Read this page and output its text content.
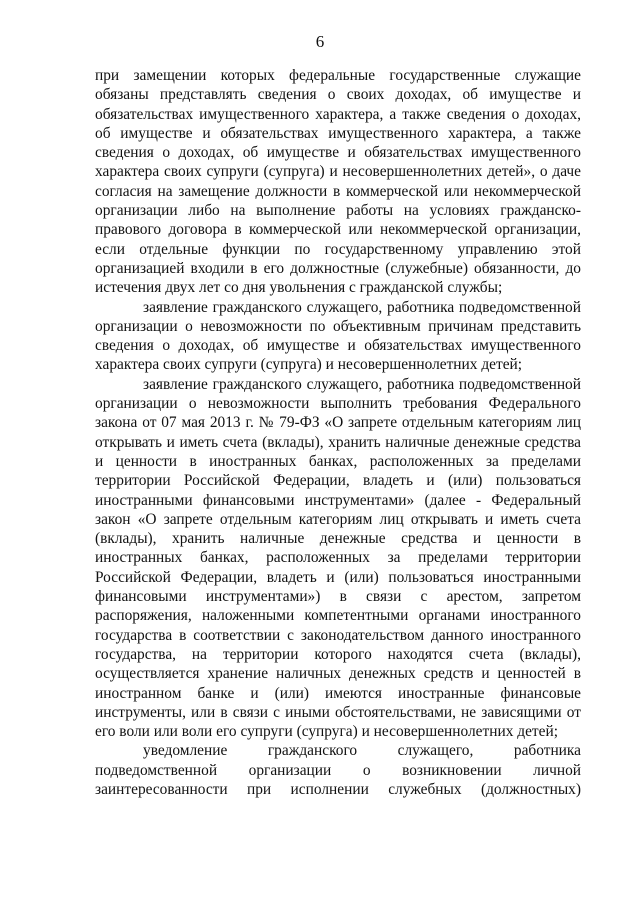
6

при замещении которых федеральные государственные служащие обязаны представлять сведения о своих доходах, об имуществе и обязательствах имущественного характера, а также сведения о доходах, об имуществе и обязательствах имущественного характера, а также сведения о доходах, об имуществе и обязательствах имущественного характера своих супруги (супруга) и несовершеннолетних детей», о даче согласия на замещение должности в коммерческой или некоммерческой организации либо на выполнение работы на условиях гражданско-правового договора в коммерческой или некоммерческой организации, если отдельные функции по государственному управлению этой организацией входили в его должностные (служебные) обязанности, до истечения двух лет со дня увольнения с гражданской службы;

заявление гражданского служащего, работника подведомственной организации о невозможности по объективным причинам представить сведения о доходах, об имуществе и обязательствах имущественного характера своих супруги (супруга) и несовершеннолетних детей;

заявление гражданского служащего, работника подведомственной организации о невозможности выполнить требования Федерального закона от 07 мая 2013 г. № 79-ФЗ «О запрете отдельным категориям лиц открывать и иметь счета (вклады), хранить наличные денежные средства и ценности в иностранных банках, расположенных за пределами территории Российской Федерации, владеть и (или) пользоваться иностранными финансовыми инструментами» (далее - Федеральный закон «О запрете отдельным категориям лиц открывать и иметь счета (вклады), хранить наличные денежные средства и ценности в иностранных банках, расположенных за пределами территории Российской Федерации, владеть и (или) пользоваться иностранными финансовыми инструментами») в связи с арестом, запретом распоряжения, наложенными компетентными органами иностранного государства в соответствии с законодательством данного иностранного государства, на территории которого находятся счета (вклады), осуществляется хранение наличных денежных средств и ценностей в иностранном банке и (или) имеются иностранные финансовые инструменты, или в связи с иными обстоятельствами, не зависящими от его воли или воли его супруги (супруга) и несовершеннолетних детей;

уведомление гражданского служащего, работника подведомственной организации о возникновении личной заинтересованности при исполнении служебных (должностных)
